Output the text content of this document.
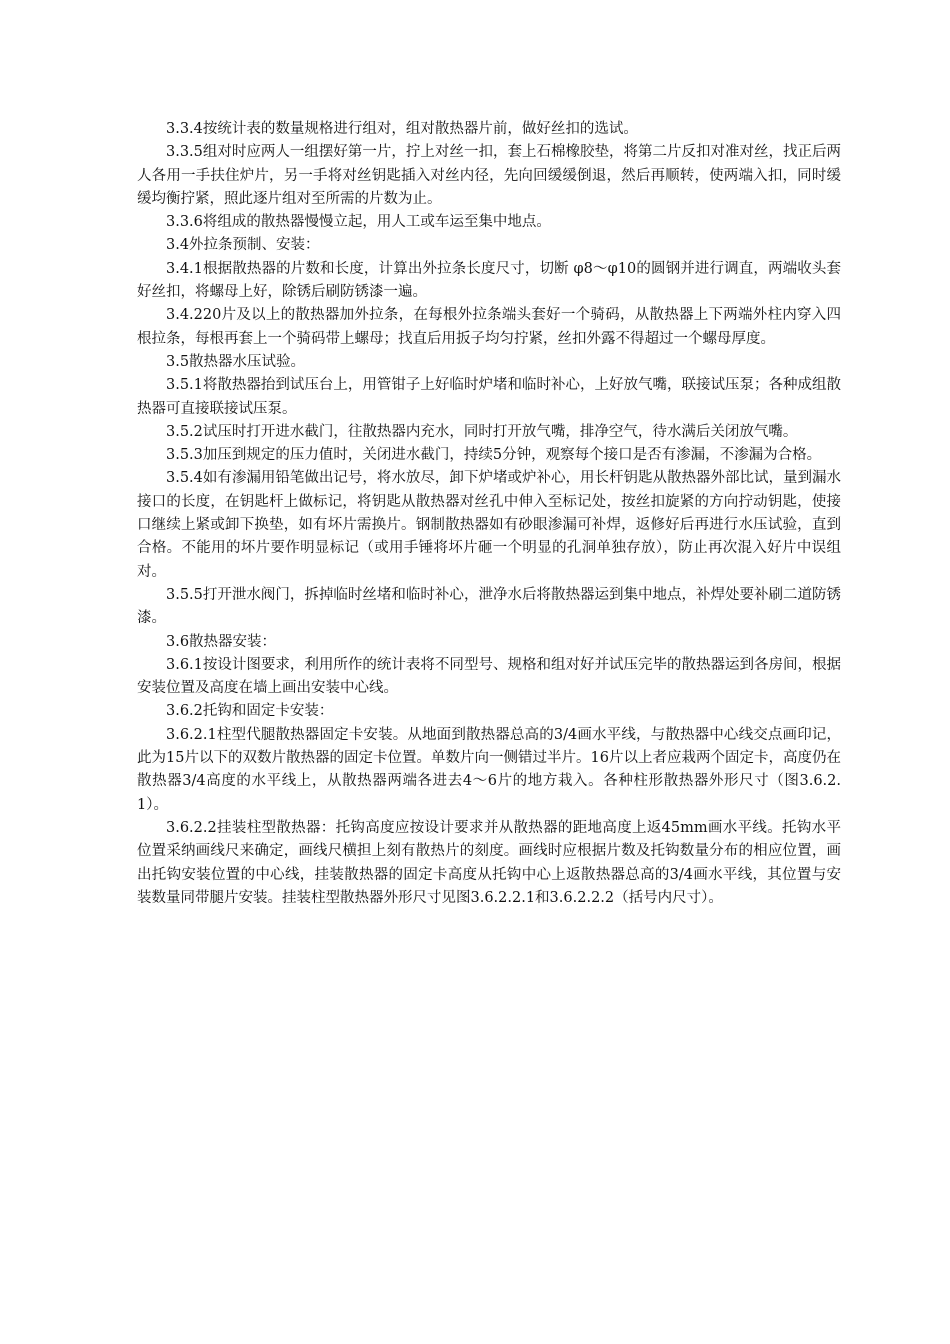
3.3.4按统计表的数量规格进行组对，组对散热器片前，做好丝扣的选试。

3.3.5组对时应两人一组摆好第一片，拧上对丝一扣，套上石棉橡胶垫，将第二片反扣对准对丝，找正后两人各用一手扶住炉片，另一手将对丝钥匙插入对丝内径，先向回缓缓倒退，然后再顺转，使两端入扣，同时缓缓均衡拧紧，照此逐片组对至所需的片数为止。

3.3.6将组成的散热器慢慢立起，用人工或车运至集中地点。

3.4外拉条预制、安装：

3.4.1根据散热器的片数和长度，计算出外拉条长度尺寸，切断 φ8～φ10的圆钢并进行调直，两端收头套好丝扣，将螺母上好，除锈后刷防锈漆一遍。

3.4.220片及以上的散热器加外拉条，在每根外拉条端头套好一个骑码，从散热器上下两端外柱内穿入四根拉条，每根再套上一个骑码带上螺母；找直后用扳子均匀拧紧，丝扣外露不得超过一个螺母厚度。

3.5散热器水压试验。

3.5.1将散热器抬到试压台上，用管钳子上好临时炉堵和临时补心，上好放气嘴，联接试压泵；各种成组散热器可直接联接试压泵。

3.5.2试压时打开进水截门，往散热器内充水，同时打开放气嘴，排净空气，待水满后关闭放气嘴。

3.5.3加压到规定的压力值时，关闭进水截门，持续5分钟，观察每个接口是否有渗漏，不渗漏为合格。

3.5.4如有渗漏用铅笔做出记号，将水放尽，卸下炉堵或炉补心，用长杆钥匙从散热器外部比试，量到漏水接口的长度，在钥匙杆上做标记，将钥匙从散热器对丝孔中伸入至标记处，按丝扣旋紧的方向拧动钥匙，使接口继续上紧或卸下换垫，如有坏片需换片。钢制散热器如有砂眼渗漏可补焊，返修好后再进行水压试验，直到合格。不能用的坏片要作明显标记（或用手锤将坏片砸一个明显的孔洞单独存放），防止再次混入好片中误组对。

3.5.5打开泄水阀门，拆掉临时丝堵和临时补心，泄净水后将散热器运到集中地点，补焊处要补刷二道防锈漆。

3.6散热器安装：

3.6.1按设计图要求，利用所作的统计表将不同型号、规格和组对好并试压完毕的散热器运到各房间，根据安装位置及高度在墙上画出安装中心线。

3.6.2托钩和固定卡安装：

3.6.2.1柱型代腿散热器固定卡安装。从地面到散热器总高的3/4画水平线，与散热器中心线交点画印记，此为15片以下的双数片散热器的固定卡位置。单数片向一侧错过半片。16片以上者应栽两个固定卡，高度仍在散热器3/4高度的水平线上，从散热器两端各进去4～6片的地方栽入。各种柱形散热器外形尺寸（图3.6.2.1）。

3.6.2.2挂装柱型散热器：托钩高度应按设计要求并从散热器的距地高度上返45mm画水平线。托钩水平位置采纳画线尺来确定，画线尺横担上刻有散热片的刻度。画线时应根据片数及托钩数量分布的相应位置，画出托钩安装位置的中心线，挂装散热器的固定卡高度从托钩中心上返散热器总高的3/4画水平线，其位置与安装数量同带腿片安装。挂装柱型散热器外形尺寸见图3.6.2.2.1和3.6.2.2.2（括号内尺寸）。
